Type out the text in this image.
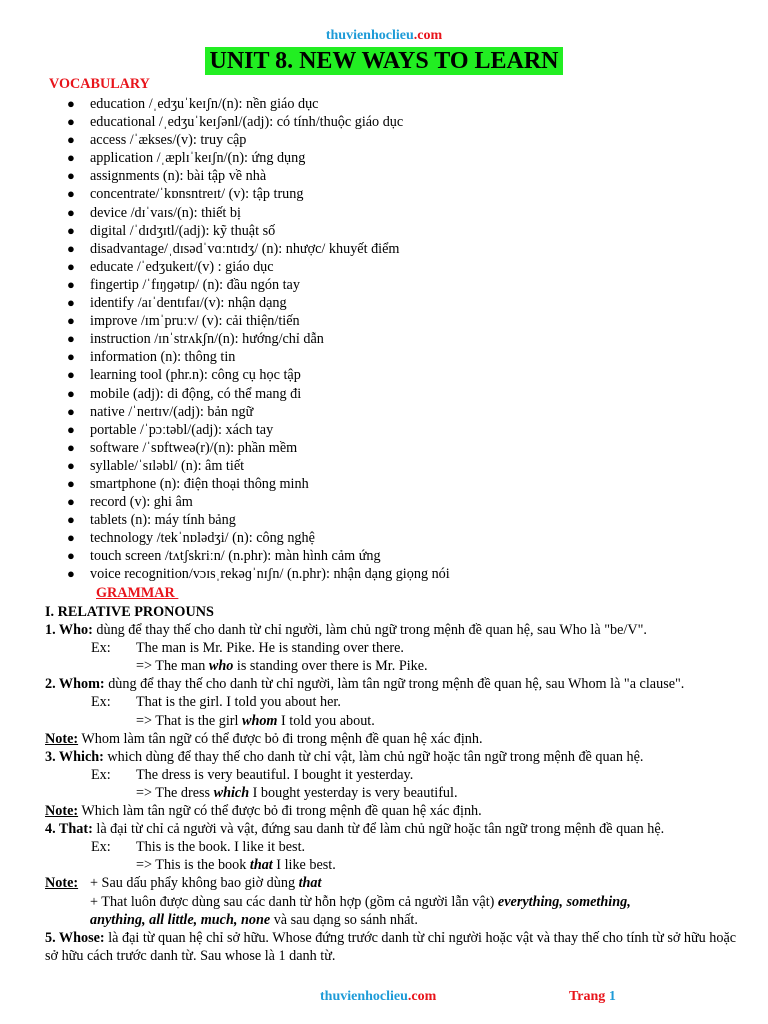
thuvienhoclieu.com
UNIT 8. NEW WAYS TO LEARN
VOCABULARY
● education /ˌedʒuˈkeɪʃn/(n): nền giáo dục
● educational /ˌedʒuˈkeɪʃənl/(adj): có tính/thuộc giáo dục
● access /ˈækses/(v): truy cập
● application /ˌæplɪˈkeɪʃn/(n): ứng dụng
● assignments (n): bài tập về nhà
● concentrate/ˈkɒnsntreɪt/ (v): tập trung
● device /dɪˈvaɪs/(n): thiết bị
● digital /ˈdɪdʒɪtl/(adj): kỹ thuật số
● disadvantage/ˌdɪsədˈvɑːntɪdʒ/ (n): nhược/ khuyết điểm
● educate /ˈedʒukeɪt/(v) : giáo dục
● fingertip /ˈfɪŋɡətɪp/ (n): đầu ngón tay
● identify /aɪˈdentɪfaɪ/(v): nhận dạng
● improve /ɪmˈpruːv/ (v): cải thiện/tiến
● instruction /ɪnˈstrʌkʃn/(n): hướng/chỉ dẫn
● information (n): thông tin
● learning tool (phr.n): công cụ học tập
● mobile (adj): di động, có thể mang đi
● native /ˈneɪtɪv/(adj): bản ngữ
● portable /ˈpɔːtəbl/(adj): xách tay
● software /ˈsɒftweə(r)/(n): phần mềm
● syllable/ˈsɪləbl/ (n): âm tiết
● smartphone (n): điện thoại thông minh
● record (v): ghi âm
● tablets (n): máy tính bảng
● technology /tekˈnɒlədʒi/ (n): công nghệ
● touch screen /tʌtʃskriːn/ (n.phr): màn hình cảm ứng
● voice recognition/vɔɪsˌrekəɡˈnɪʃn/ (n.phr): nhận dạng giọng nói
GRAMMAR
I. RELATIVE PRONOUNS
1. Who: dùng để thay thế cho danh từ chỉ người, làm chủ ngữ trong mệnh đề quan hệ, sau Who là "be/V".
Ex: The man is Mr. Pike. He is standing over there.
=> The man who is standing over there is Mr. Pike.
2. Whom: dùng để thay thế cho danh từ chỉ người, làm tân ngữ trong mệnh đề quan hệ, sau Whom là "a clause".
Ex: That is the girl. I told you about her.
=> That is the girl whom I told you about.
Note: Whom làm tân ngữ có thể được bỏ đi trong mệnh đề quan hệ xác định.
3. Which: which dùng để thay thế cho danh từ chỉ vật, làm chủ ngữ hoặc tân ngữ trong mệnh đề quan hệ.
Ex: The dress is very beautiful. I bought it yesterday.
=> The dress which I bought yesterday is very beautiful.
Note: Which làm tân ngữ có thể được bỏ đi trong mệnh đề quan hệ xác định.
4. That: là đại từ chỉ cả người và vật, đứng sau danh từ để làm chủ ngữ hoặc tân ngữ trong mệnh đề quan hệ.
Ex: This is the book. I like it best.
=> This is the book that I like best.
Note: + Sau dấu phẩy không bao giờ dùng that
+ That luôn được dùng sau các danh từ hỗn hợp (gồm cả người lẫn vật) everything, something,
anything, all little, much, none và sau dạng so sánh nhất.
5. Whose: là đại từ quan hệ chỉ sở hữu. Whose đứng trước danh từ chỉ người hoặc vật và thay thế cho tính từ sở hữu hoặc sở hữu cách trước danh từ. Sau whose là 1 danh từ.
thuvienhoclieu.com	Trang 1
